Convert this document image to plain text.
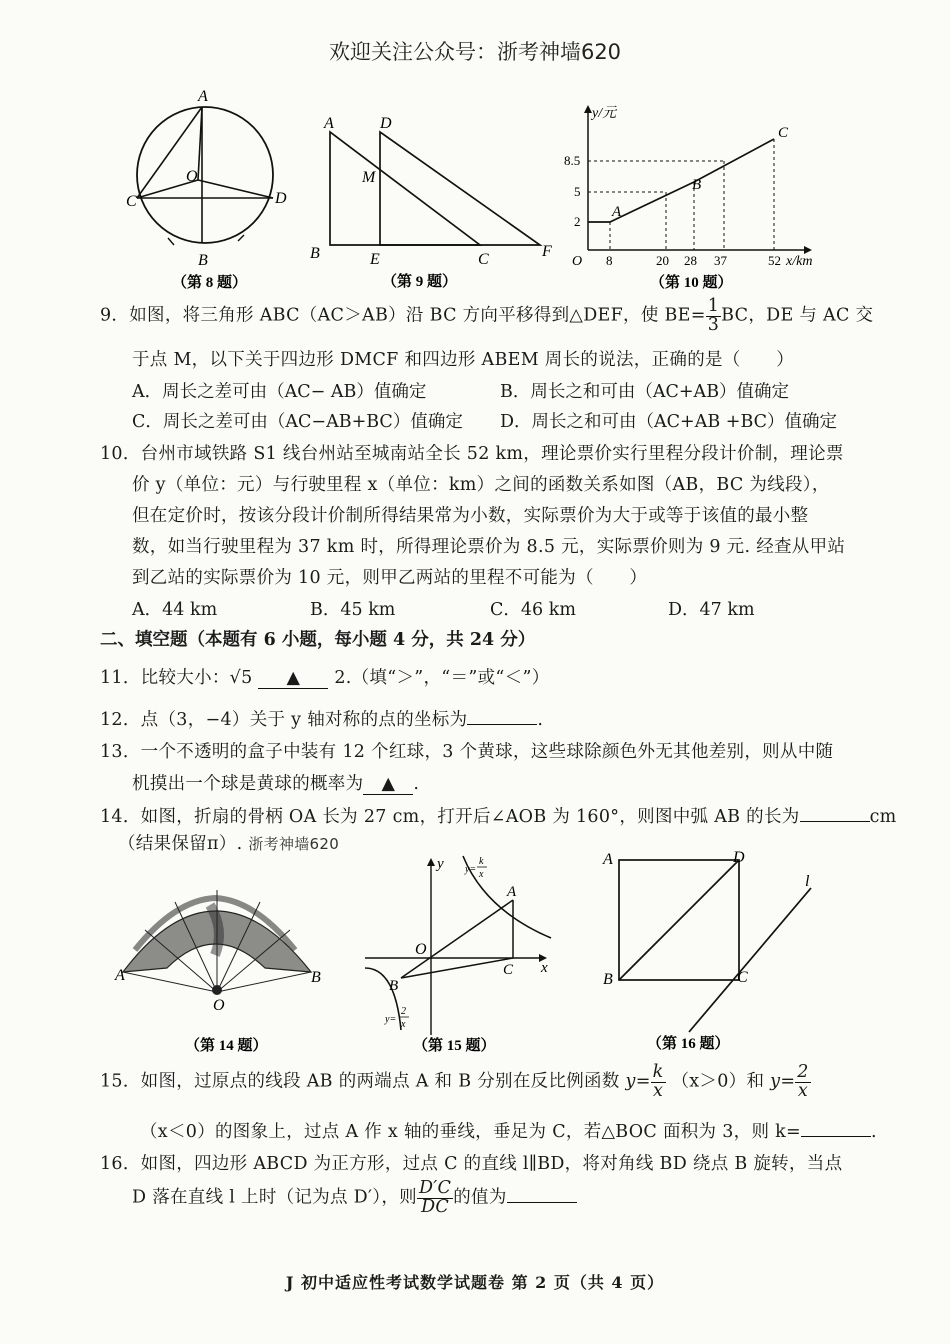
欢迎关注公众号：浙考神墙620
A
C	D
O
B
（第 8 题）
A	D
M
B	E	C	F
（第 9 题）
y/元
x/km
O
A
B
C
8.5
5
2
8	20 28 37	52
（第 10 题）
9．如图，将三角形 ABC（AC＞AB）沿 BC 方向平移得到△DEF，使 $BE= \frac{1}{3}$ BC，DE 与 AC 交
于点 M，以下关于四边形 DMCF 和四边形 ABEM 周长的说法，正确的是（　　）
A．周长之差可由（AC− AB）值确定	B．周长之和可由（AC+AB）值确定
C．周长之差可由（AC−AB+BC）值确定 D．周长之和可由（AC+AB +BC）值确定
10．台州市域铁路 S1 线台州站至城南站全长 52 km，理论票价实行里程分段计价制，理论票
价 y（单位：元）与行驶里程 x（单位：km）之间的函数关系如图（AB，BC 为线段），
但在定价时，按该分段计价制所得结果常为小数，实际票价为大于或等于该值的最小整
数，如当行驶里程为 37 km 时，所得理论票价为 8.5 元，实际票价则为 9 元. 经查从甲站
到乙站的实际票价为 10 元，则甲乙两站的里程不可能为（　　）
A．44 km	B．45 km	C．46 km	D．47 km
二、填空题（本题有 6 小题，每小题 4 分，共 24 分）
11．比较大小：√5 ▲ 2.（填“＞”，“＝”或“＜”）
12．点（3，−4）关于 y 轴对称的点的坐标为	.
13．一个不透明的盒子中装有 12 个红球，3 个黄球，这些球除颜色外无其他差别，则从中随
机摸出一个球是黄球的概率为 ▲ .
14．如图，折扇的骨柄 OA 长为 27 cm，打开后∠AOB 为 160°，则图中弧 AB 的长为	cm
（结果保留π）. 浙考神墙620
A	B
O
（第 14 题）
y
x
O
A
B
C
y=
k
x
y=
2
x
（第 15 题）
A	D
B	C
l
（第 16 题）
15．如图，过原点的线段 AB 的两端点 A 和 B 分别在反比例函数 $y= \frac{k}{x} (x>0)$和 $y= \frac{2}{x}$
（x＜0）的图象上，过点 A 作 x 轴的垂线，垂足为 C，若△BOC 面积为 3，则 k=	.
16．如图，四边形 ABCD 为正方形，过点 C 的直线 l∥BD，将对角线 BD 绕点 B 旋转，当点
D 落在直线 l 上时（记为点 D′），则 $\frac{D'C}{DC}$ 的值为
J 初中适应性考试数学试题卷 第 2 页（共 4 页）
